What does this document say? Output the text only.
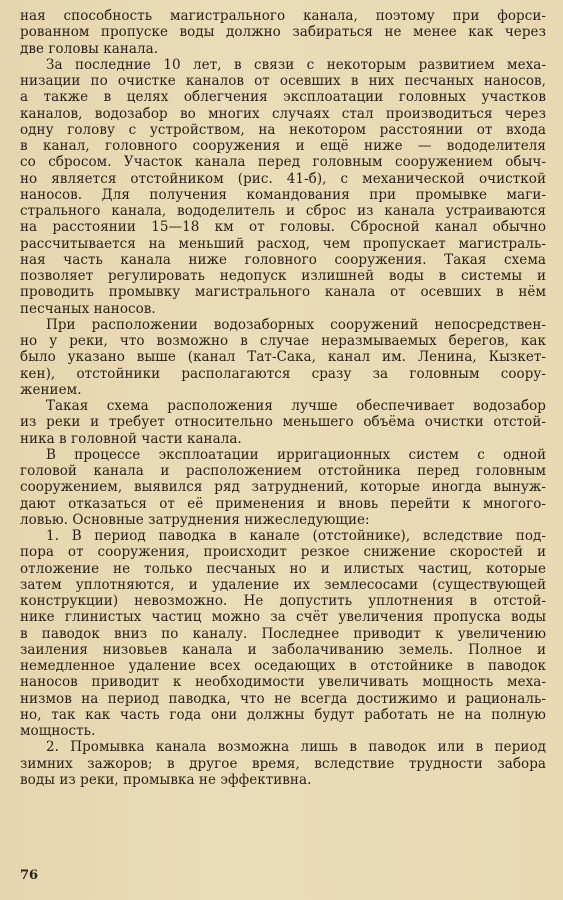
ная способность магистрального канала, поэтому при форси-
рованном пропуске воды должно забираться не менее как через
две головы канала.
За последние 10 лет, в связи с некоторым развитием меха-
низации по очистке каналов от осевших в них песчаных наносов,
а также в целях облегчения эксплоатации головных участков
каналов, водозабор во многих случаях стал производиться через
одну голову с устройством, на некотором расстоянии от входа
в канал, головного сооружения и ещё ниже — вододелителя
со сбросом. Участок канала перед головным сооружением обыч-
но является отстойником (рис. 41-б), с механической очисткой
наносов. Для получения командования при промывке маги-
стрального канала, вододелитель и сброс из канала устраиваются
на расстоянии 15—18 км от головы. Сбросной канал обычно
рассчитывается на меньший расход, чем пропускает магистраль-
ная часть канала ниже головного сооружения. Такая схема
позволяет регулировать недопуск излишней воды в системы и
проводить промывку магистрального канала от осевших в нём
песчаных наносов.
При расположении водозаборных сооружений непосредствен-
но у реки, что возможно в случае неразмываемых берегов, как
было указано выше (канал Тат-Сака, канал им. Ленина, Кызкет-
кен), отстойники располагаются сразу за головным соору-
жением.
Такая схема расположения лучше обеспечивает водозабор
из реки и требует относительно меньшего объёма очистки отстой-
ника в головной части канала.
В процессе эксплоатации ирригационных систем с одной
головой канала и расположением отстойника перед головным
сооружением, выявился ряд затруднений, которые иногда вынуж-
дают отказаться от её применения и вновь перейти к многого-
ловью. Основные затруднения нижеследующие:
1. В период паводка в канале (отстойнике), вследствие под-
пора от сооружения, происходит резкое снижение скоростей и
отложение не только песчаных но и илистых частиц, которые
затем уплотняются, и удаление их землесосами (существующей
конструкции) невозможно. Не допустить уплотнения в отстой-
нике глинистых частиц можно за счёт увеличения пропуска воды
в паводок вниз по каналу. Последнее приводит к увеличению
заиления низовьев канала и заболачиванию земель. Полное и
немедленное удаление всех оседающих в отстойнике в паводок
наносов приводит к необходимости увеличивать мощность меха-
низмов на период паводка, что не всегда достижимо и рациональ-
но, так как часть года они должны будут работать не на полную
мощность.
2. Промывка канала возможна лишь в паводок или в период
зимних зажоров; в другое время, вследствие трудности забора
воды из реки, промывка не эффективна.
76
